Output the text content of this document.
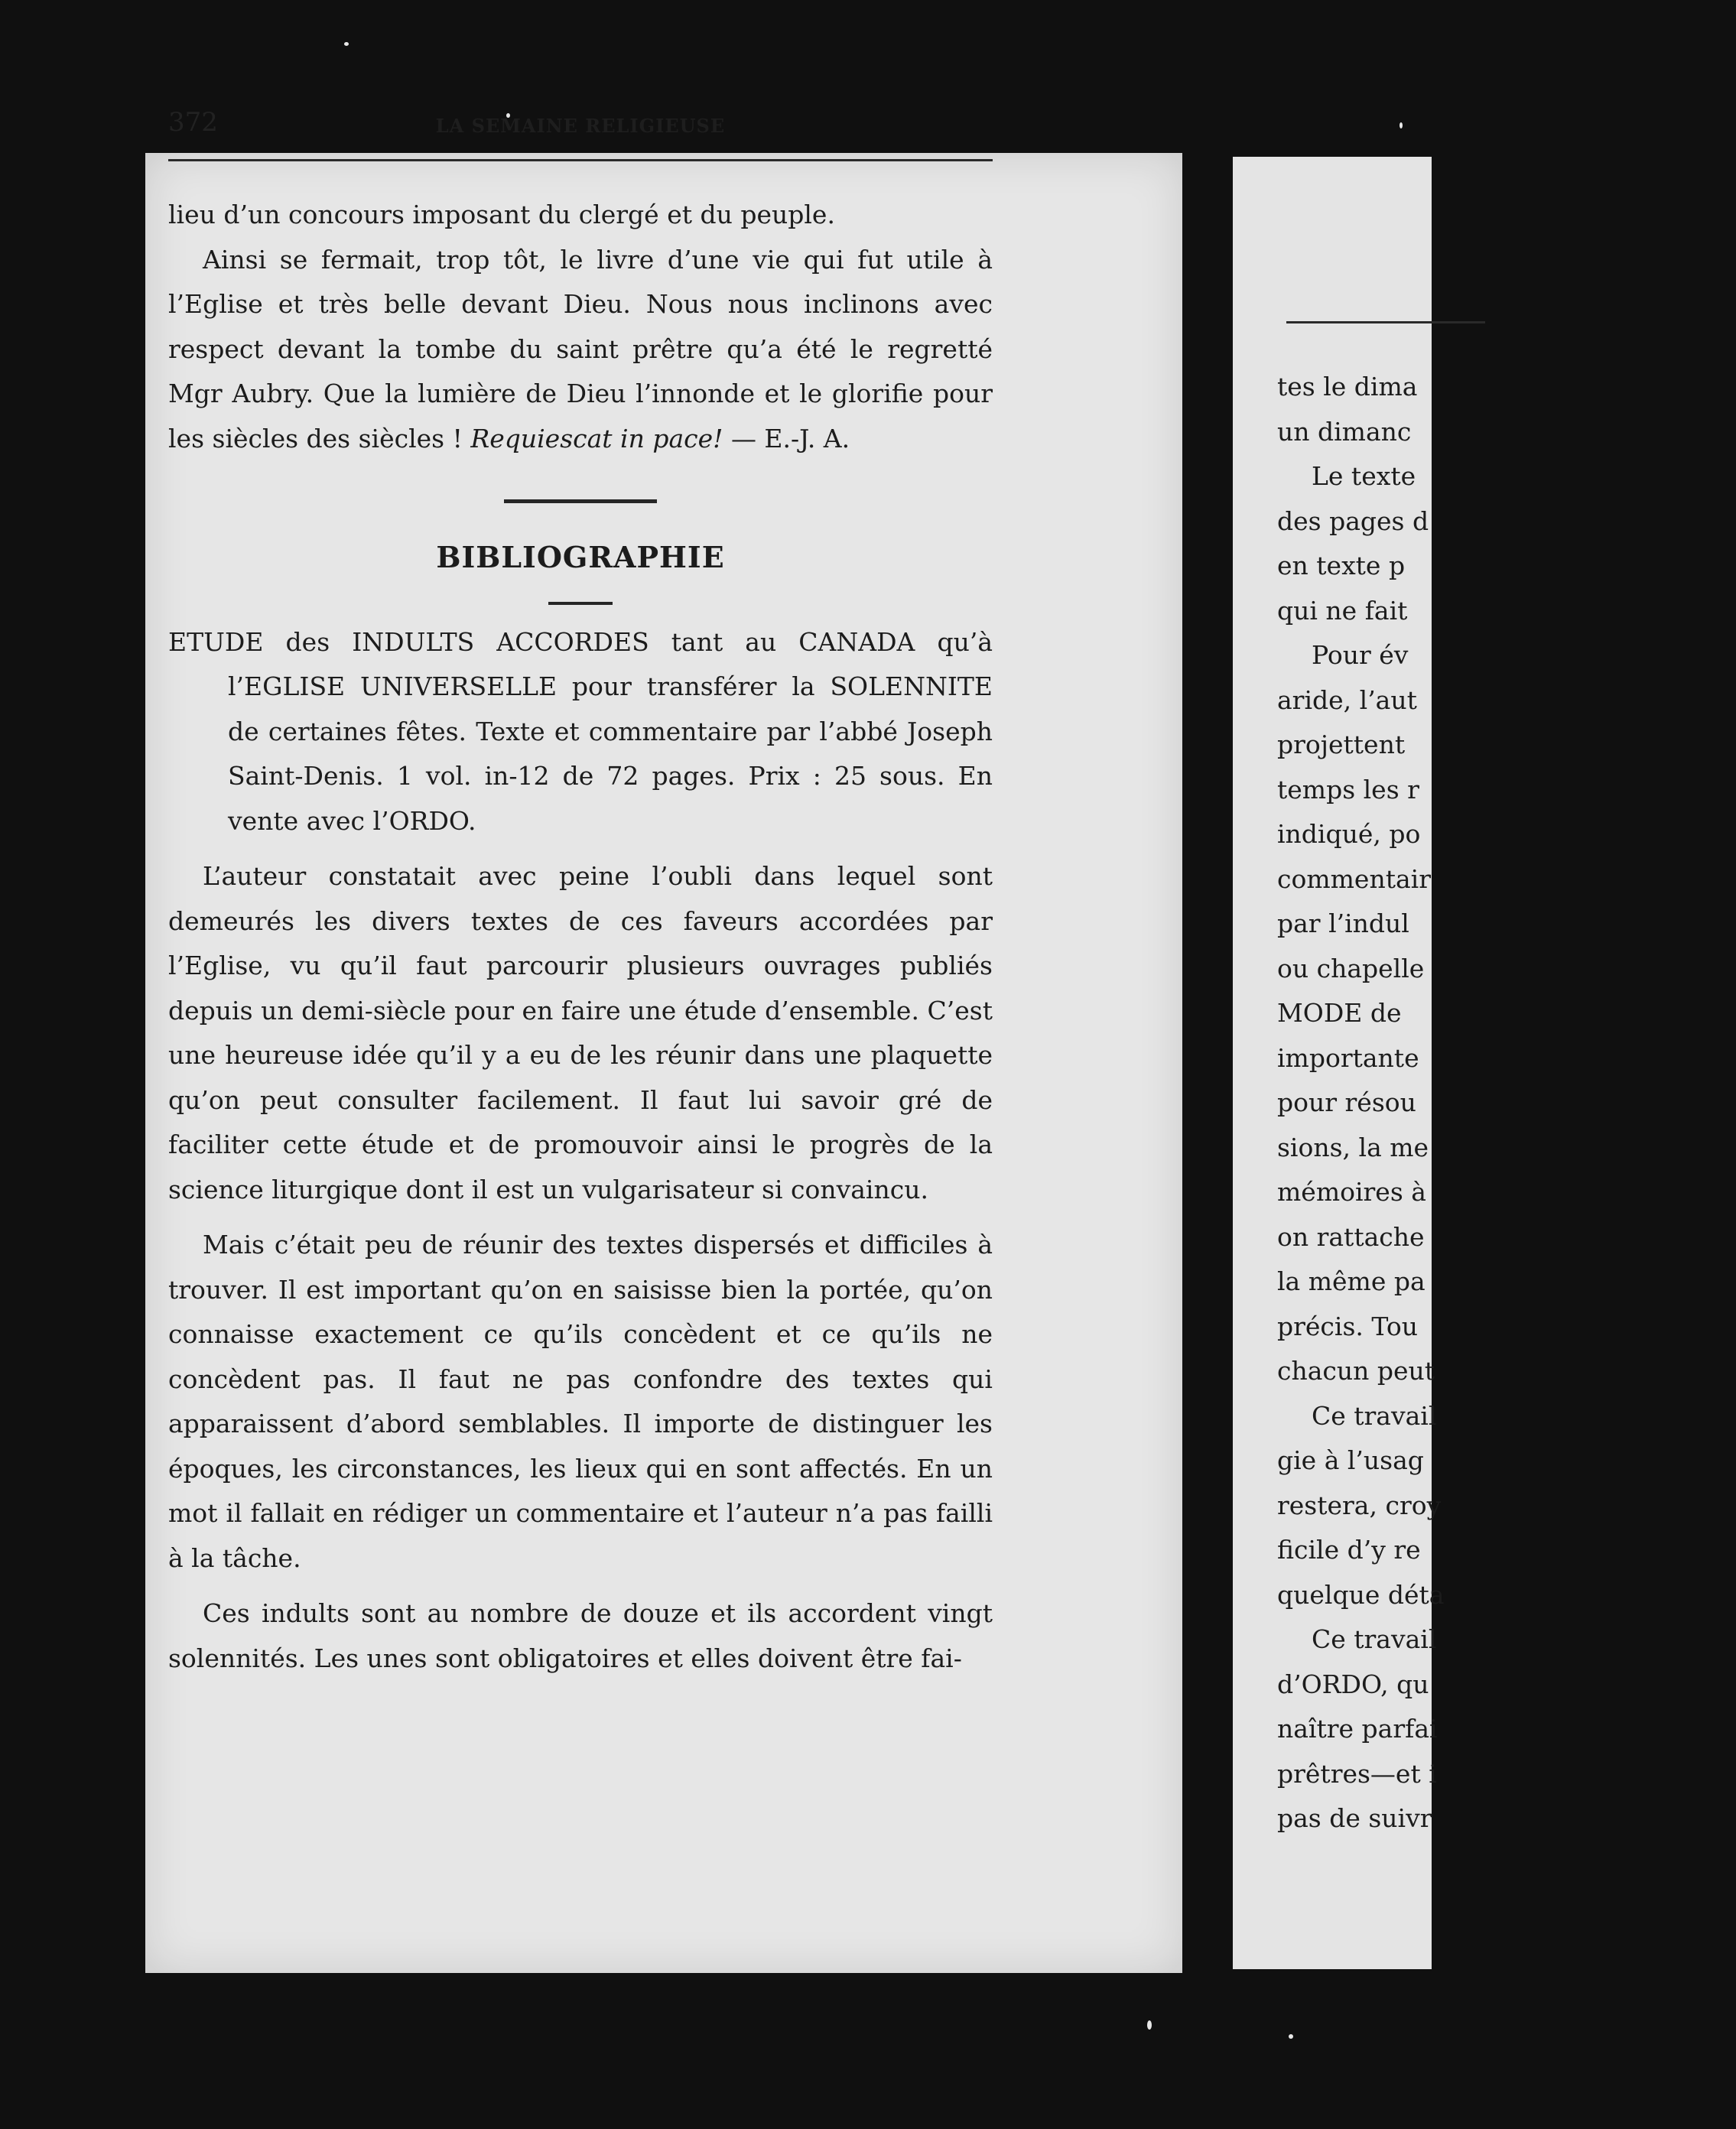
372	LA SEMAINE RELIGIEUSE

lieu d’un concours imposant du clergé et du peuple.

Ainsi se fermait, trop tôt, le livre d’une vie qui fut utile à l’Eglise et très belle devant Dieu. Nous nous inclinons avec respect devant la tombe du saint prêtre qu’a été le regretté Mgr Aubry. Que la lumière de Dieu l’innonde et le glorifie pour les siècles des siècles ! Requiescat in pace! — E.-J. A.

BIBLIOGRAPHIE

ETUDE des INDULTS ACCORDES tant au CANADA qu’à l’EGLISE UNIVERSELLE pour transférer la SOLENNITE de certaines fêtes. Texte et commentaire par l’abbé Joseph Saint-Denis. 1 vol. in-12 de 72 pages. Prix : 25 sous. En vente avec l’ORDO.

L’auteur constatait avec peine l’oubli dans lequel sont demeurés les divers textes de ces faveurs accordées par l’Eglise, vu qu’il faut parcourir plusieurs ouvrages publiés depuis un demi-siècle pour en faire une étude d’ensemble. C’est une heureuse idée qu’il y a eu de les réunir dans une plaquette qu’on peut consulter facilement. Il faut lui savoir gré de faciliter cette étude et de promouvoir ainsi le progrès de la science liturgique dont il est un vulgarisateur si convaincu.

Mais c’était peu de réunir des textes dispersés et difficiles à trouver. Il est important qu’on en saisisse bien la portée, qu’on connaisse exactement ce qu’ils concèdent et ce qu’ils ne concèdent pas. Il faut ne pas confondre des textes qui apparaissent d’abord semblables. Il importe de distinguer les époques, les circonstances, les lieux qui en sont affectés. En un mot il fallait en rédiger un commentaire et l’auteur n’a pas failli à la tâche.

Ces indults sont au nombre de douze et ils accordent vingt solennités. Les unes sont obligatoires et elles doivent être fai-

tes le dima
un dimanc
Le texte
des pages d
en texte p
qui ne fait
Pour év
aride, l’aut
projettent
temps les r
indiqué, po
commentair
par l’indul
ou chapelle
MODE de
importante
pour résou
sions, la me
mémoires à
on rattache
la même pa
précis. Tou
chacun peut
Ce travail
gie à l’usag
restera, croy
ficile d’y re
quelque déta
Ce travail
d’ORDO, qu
naître parfai
prêtres—et i
pas de suivr
